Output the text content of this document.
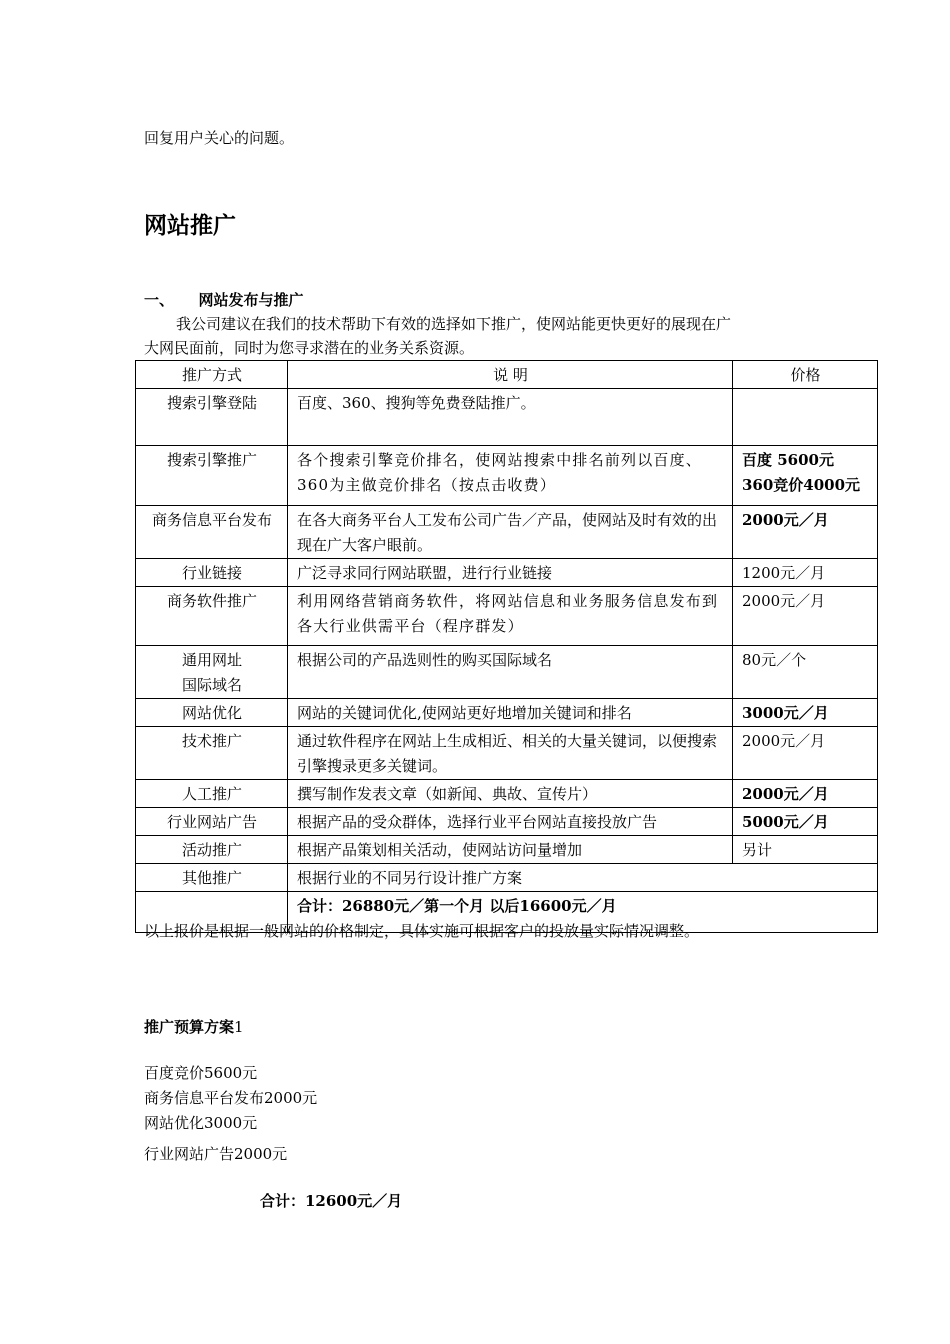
回复用户关心的问题。
网站推广
一、 网站发布与推广
我公司建议在我们的技术帮助下有效的选择如下推广，使网站能更快更好的展现在广
大网民面前，同时为您寻求潜在的业务关系资源。
推广方式	说 明	价格
搜索引擎登陆	百度、360、搜狗等免费登陆推广。	
搜索引擎推广	各个搜索引擎竞价排名，使网站搜索中排名前列以百度、360为主做竞价排名（按点击收费）	百度 5600元
360竞价4000元

商务信息平台发布	在各大商务平台人工发布公司广告／产品，使网站及时有效的出现在广大客户眼前。	2000元／月
行业链接	广泛寻求同行网站联盟，进行行业链接	1200元／月
商务软件推广	利用网络营销商务软件，将网站信息和业务服务信息发布到各大行业供需平台（程序群发）	2000元／月

通用网址
国际域名	根据公司的产品选则性的购买国际域名	80元／个
网站优化	网站的关键词优化,使网站更好地增加关键词和排名	3000元／月
技术推广	通过软件程序在网站上生成相近、相关的大量关键词，以便搜索引擎搜录更多关键词。	2000元／月
人工推广	撰写制作发表文章（如新闻、典故、宣传片）	2000元／月
行业网站广告	根据产品的受众群体，选择行业平台网站直接投放广告	5000元／月
活动推广	根据产品策划相关活动，使网站访问量增加	另计
其他推广	根据行业的不同另行设计推广方案	
	合计：26880元／第一个月 以后16600元／月	
以上报价是根据一般网站的价格制定，具体实施可根据客户的投放量实际情况调整。
推广预算方案1
百度竞价5600元
商务信息平台发布2000元
网站优化3000元
行业网站广告2000元
合计：12600元／月
